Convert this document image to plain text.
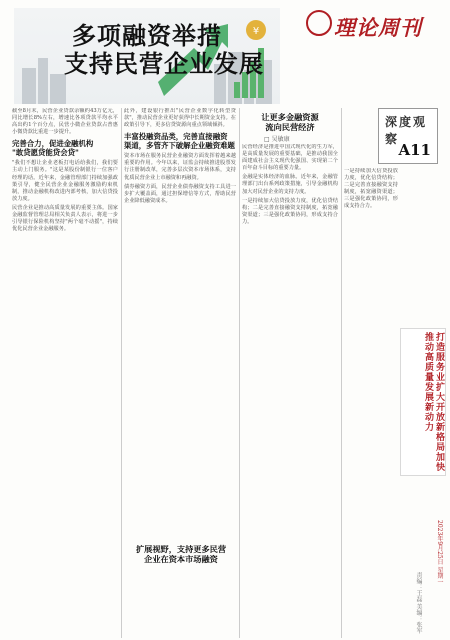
¥
多项融资举措
支持民营企业发展
理论周刊
深度观察
A11
让更多金融资源
流向民营经济
□ 吴敏康

截至8月末，民营企业贷款余额约43万亿元，同比增长8%左右，增速比各项贷款平均水平高出约1个百分点，民营小微企业贷款占普惠小微贷款比重进一步提升。

完善合力，促进金融机构
"敢贷愿贷能贷会贷"

"我们不想让企业老板打电话给我们，我们要主动上门服务。"这是某股份制银行一位客户经理的话。近年来，金融管理部门持续加强政策引导，健全民营企业金融服务激励约束机制，推动金融机构改进内部考核，加大信贷投放力度。

民营企业是推动高质量发展的重要主体。国家金融监督管理总局相关负责人表示，将进一步引导银行保险机构坚持"两个毫不动摇"，持续优化民营企业金融服务。

此外，建设银行推出"民营企业数字化转型贷款"，推动民营企业更好获得中长期资金支持。在政策引导下，更多信贷资源向重点领域倾斜。

丰富投融资品类，完善直接融资
渠道，多管齐下破解企业融资难题

资本市场在服务民营企业融资方面发挥着越来越重要的作用。今年以来，证监会持续推进股票发行注册制改革，完善多层次资本市场体系，支持优质民营企业上市融资和再融资。

债券融资方面，民营企业债券融资支持工具进一步扩大覆盖面，通过担保增信等方式，帮助民营企业降低融资成本。

扩展视野，支持更多民营
企业在资本市场融资

民营经济是推进中国式现代化的生力军，是高质量发展的重要基础，是推动我国全面建成社会主义现代化强国、实现第二个百年奋斗目标的重要力量。

金融是实体经济的血脉。近年来，金融管理部门出台系列政策措施，引导金融机构加大对民营企业的支持力度。

一是持续加大信贷投放力度，优化信贷结构；二是完善直接融资支持制度，拓宽融资渠道；三是强化政策协同，形成支持合力。

一是持续加大信贷投放力度，优化信贷结构；二是完善直接融资支持制度，拓宽融资渠道；三是强化政策协同，形成支持合力。

打造服务业扩大开放新格局加快推动高质量发展新动力
2023年9月25日 星期一
责编：王磊 美编：张军
